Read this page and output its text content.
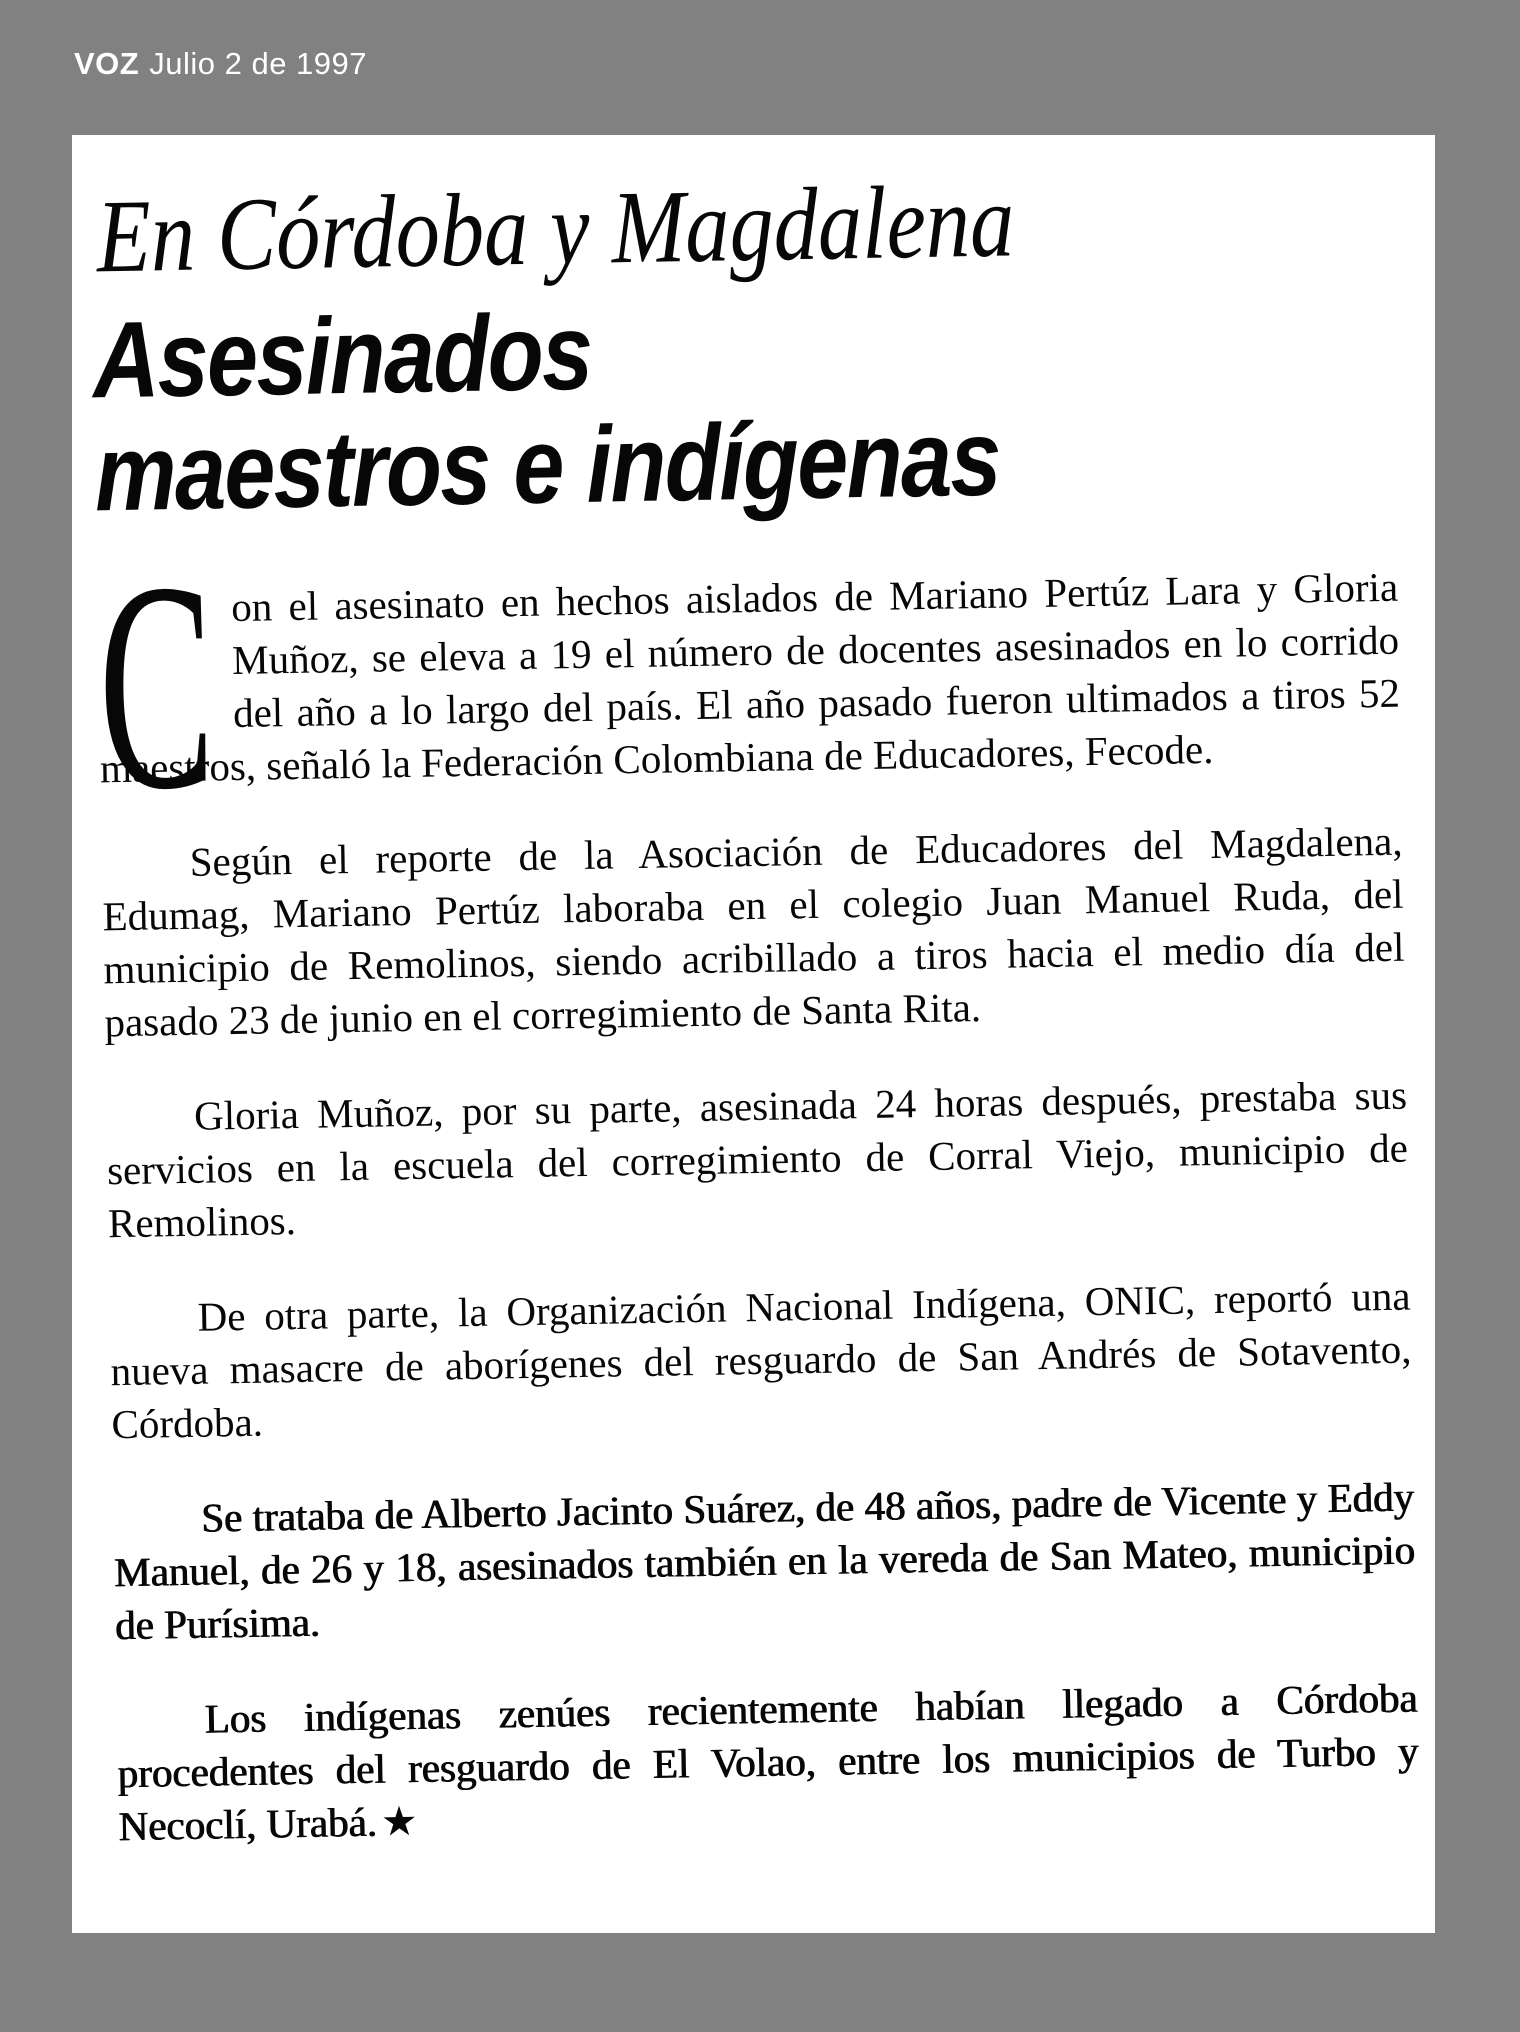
VOZ Julio 2 de 1997
En Córdoba y Magdalena
Asesinados
maestros e indígenas

Con el asesinato en hechos aislados de Mariano Pertúz Lara y Gloria Muñoz, se eleva a 19 el número de docentes asesinados en lo corrido del año a lo largo del país. El año pasado fueron ultimados a tiros 52 maestros, señaló la Federación Colombiana de Educadores, Fecode.

Según el reporte de la Asociación de Educadores del Magdalena, Edumag, Mariano Pertúz laboraba en el colegio Juan Manuel Ruda, del municipio de Remolinos, siendo acribillado a tiros hacia el medio día del pasado 23 de junio en el corregimiento de Santa Rita.

Gloria Muñoz, por su parte, asesinada 24 horas después, prestaba sus servicios en la escuela del corregimiento de Corral Viejo, municipio de Remolinos.

De otra parte, la Organización Nacional Indígena, ONIC, reportó una nueva masacre de aborígenes del resguardo de San Andrés de Sotavento, Córdoba.

Se trataba de Alberto Jacinto Suárez, de 48 años, padre de Vicente y Eddy Manuel, de 26 y 18, asesinados también en la vereda de San Mateo, municipio de Purísima.

Los indígenas zenúes recientemente habían llegado a Córdoba procedentes del resguardo de El Volao, entre los municipios de Turbo y Necoclí, Urabá.★
